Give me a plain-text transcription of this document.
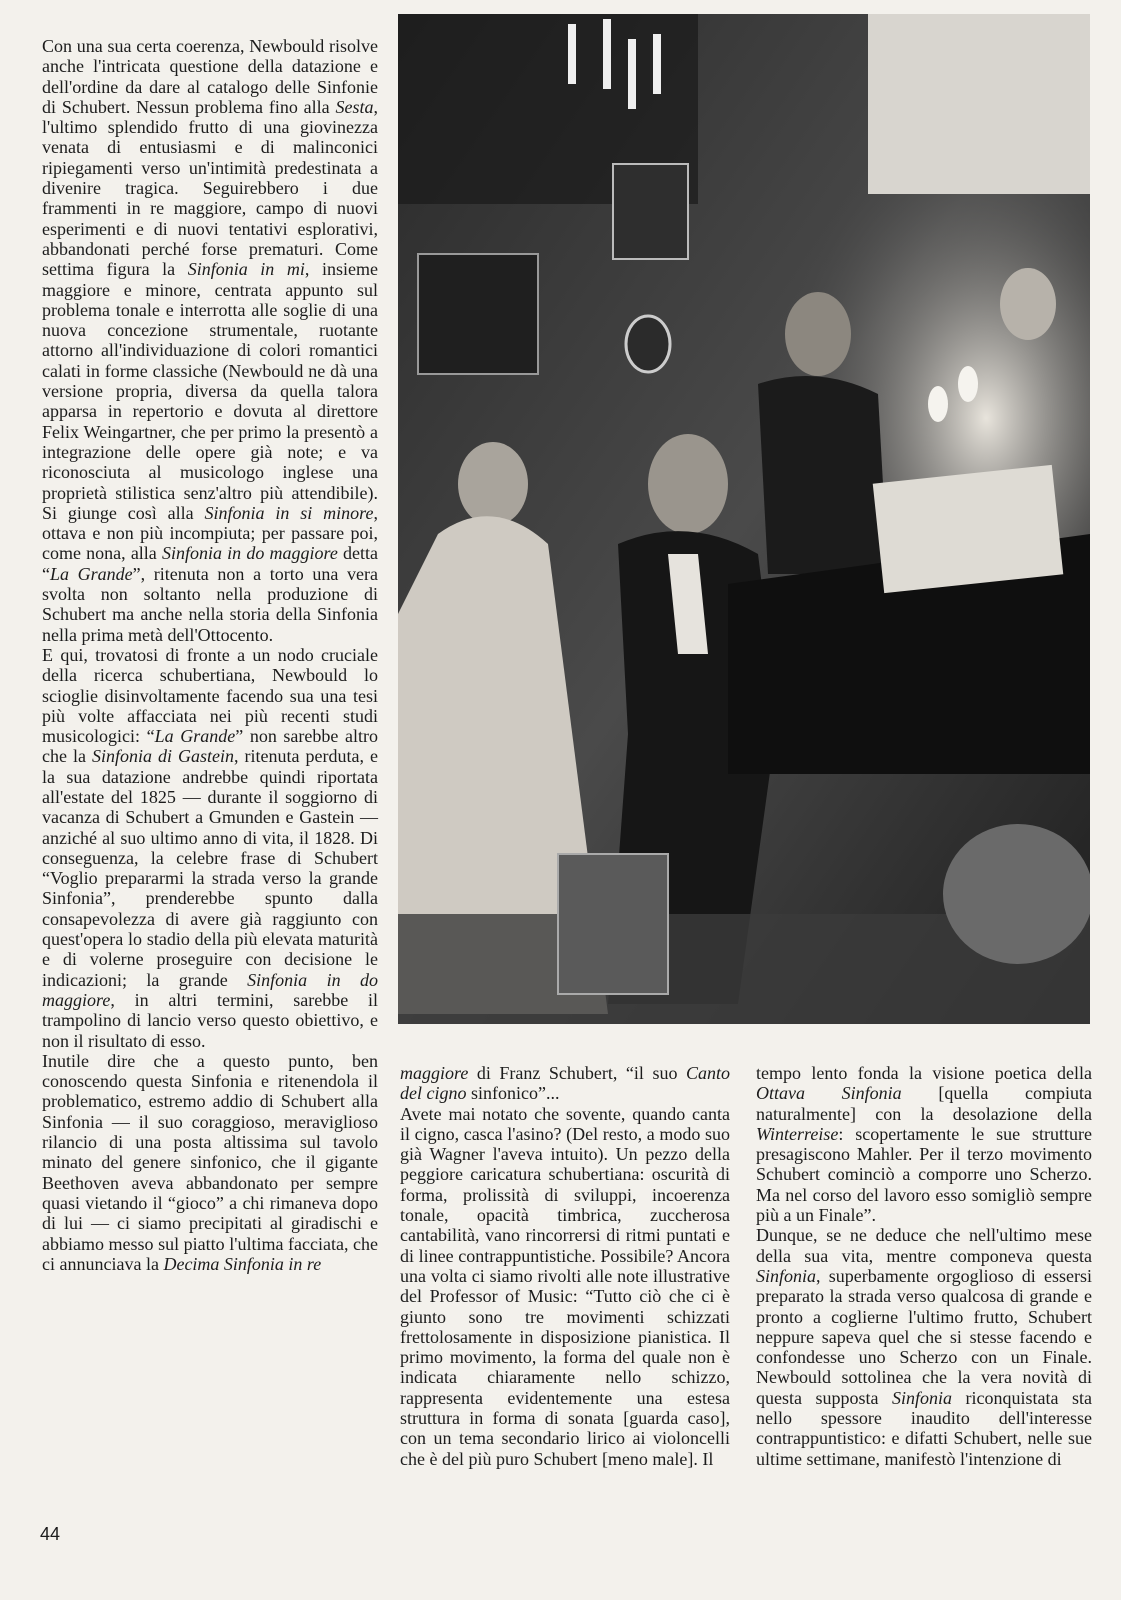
Con una sua certa coerenza, Newbould risolve anche l'intricata questione della datazione e dell'ordine da dare al catalogo delle Sinfonie di Schubert. Nessun problema fino alla Sesta, l'ultimo splendido frutto di una giovinezza venata di entusiasmi e di malinconici ripiegamenti verso un'intimità predestinata a divenire tragica. Seguirebbero i due frammenti in re maggiore, campo di nuovi esperimenti e di nuovi tentativi esplorativi, abbandonati perché forse prematuri. Come settima figura la Sinfonia in mi, insieme maggiore e minore, centrata appunto sul problema tonale e interrotta alle soglie di una nuova concezione strumentale, ruotante attorno all'individuazione di colori romantici calati in forme classiche (Newbould ne dà una versione propria, diversa da quella talora apparsa in repertorio e dovuta al direttore Felix Weingartner, che per primo la presentò a integrazione delle opere già note; e va riconosciuta al musicologo inglese una proprietà stilistica senz'altro più attendibile). Si giunge così alla Sinfonia in si minore, ottava e non più incompiuta; per passare poi, come nona, alla Sinfonia in do maggiore detta “La Grande”, ritenuta non a torto una vera svolta non soltanto nella produzione di Schubert ma anche nella storia della Sinfonia nella prima metà dell'Ottocento.

E qui, trovatosi di fronte a un nodo cruciale della ricerca schubertiana, Newbould lo scioglie disinvoltamente facendo sua una tesi più volte affacciata nei più recenti studi musicologici: “La Grande” non sarebbe altro che la Sinfonia di Gastein, ritenuta perduta, e la sua datazione andrebbe quindi riportata all'estate del 1825 — durante il soggiorno di vacanza di Schubert a Gmunden e Gastein — anziché al suo ultimo anno di vita, il 1828. Di conseguenza, la celebre frase di Schubert “Voglio prepararmi la strada verso la grande Sinfonia”, prenderebbe spunto dalla consapevolezza di avere già raggiunto con quest'opera lo stadio della più elevata maturità e di volerne proseguire con decisione le indicazioni; la grande Sinfonia in do maggiore, in altri termini, sarebbe il trampolino di lancio verso questo obiettivo, e non il risultato di esso.

Inutile dire che a questo punto, ben conoscendo questa Sinfonia e ritenendola il problematico, estremo addio di Schubert alla Sinfonia — il suo coraggioso, meraviglioso rilancio di una posta altissima sul tavolo minato del genere sinfonico, che il gigante Beethoven aveva abbandonato per sempre quasi vietando il “gioco” a chi rimaneva dopo di lui — ci siamo precipitati al giradischi e abbiamo messo sul piatto l'ultima facciata, che ci annunciava la Decima Sinfonia in re

maggiore di Franz Schubert, “il suo Canto del cigno sinfonico”...

Avete mai notato che sovente, quando canta il cigno, casca l'asino? (Del resto, a modo suo già Wagner l'aveva intuito). Un pezzo della peggiore caricatura schubertiana: oscurità di forma, prolissità di sviluppi, incoerenza tonale, opacità timbrica, zuccherosa cantabilità, vano rincorrersi di ritmi puntati e di linee contrappuntistiche. Possibile? Ancora una volta ci siamo rivolti alle note illustrative del Professor of Music: “Tutto ciò che ci è giunto sono tre movimenti schizzati frettolosamente in disposizione pianistica. Il primo movimento, la forma del quale non è indicata chiaramente nello schizzo, rappresenta evidentemente una estesa struttura in forma di sonata [guarda caso], con un tema secondario lirico ai violoncelli che è del più puro Schubert [meno male]. Il

tempo lento fonda la visione poetica della Ottava Sinfonia [quella compiuta naturalmente] con la desolazione della Winterreise: scopertamente le sue strutture presagiscono Mahler. Per il terzo movimento Schubert cominciò a comporre uno Scherzo. Ma nel corso del lavoro esso somigliò sempre più a un Finale”.

Dunque, se ne deduce che nell'ultimo mese della sua vita, mentre componeva questa Sinfonia, superbamente orgoglioso di essersi preparato la strada verso qualcosa di grande e pronto a coglierne l'ultimo frutto, Schubert neppure sapeva quel che si stesse facendo e confondesse uno Scherzo con un Finale. Newbould sottolinea che la vera novità di questa supposta Sinfonia riconquistata sta nello spessore inaudito dell'interesse contrappuntistico: e difatti Schubert, nelle sue ultime settimane, manifestò l'intenzione di

44
